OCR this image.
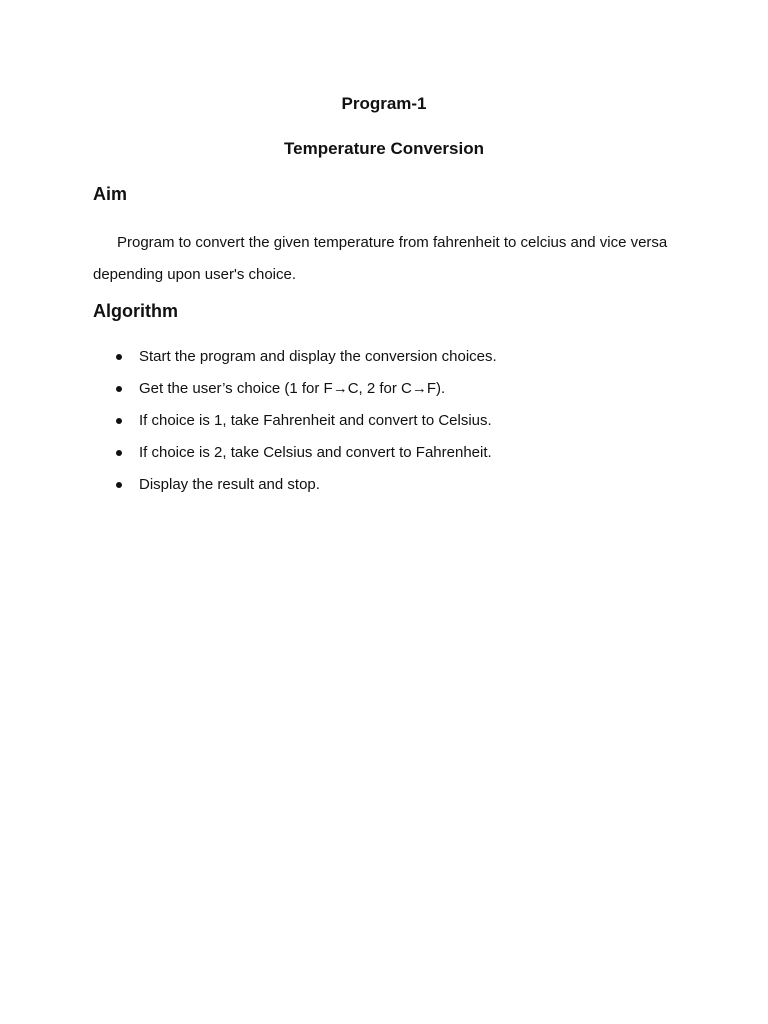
Program-1
Temperature Conversion
Aim

Program to convert the given temperature from fahrenheit to celcius and vice versa depending upon user's choice.

Algorithm
Start the program and display the conversion choices.
Get the user’s choice (1 for F→C, 2 for C→F).
If choice is 1, take Fahrenheit and convert to Celsius.
If choice is 2, take Celsius and convert to Fahrenheit.
Display the result and stop.
